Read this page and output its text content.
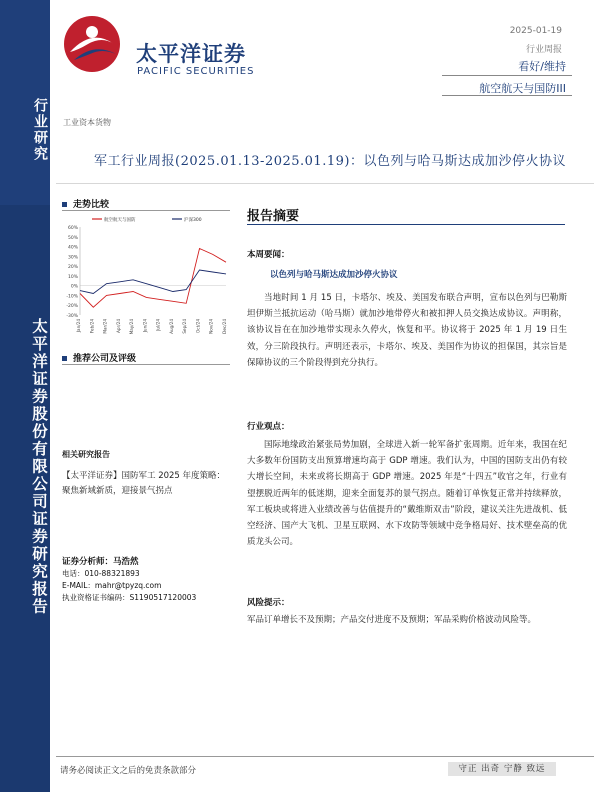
行业研究
太平洋证券股份有限公司证券研究报告
太平洋证券
PACIFIC SECURITIES
2025-01-19
行业周报
看好/维持
航空航天与国防III
工业资本货物
军工行业周报(2025.01.13-2025.01.19)：以色列与哈马斯达成加沙停火协议
走势比较
60%
50%
40%
30%
20%
10%
0%
-10%
-20%
-30%
Jan/24 Feb/24 Mar/24 Apr/24 May/24 Jun/24 Jul/24 Aug/24 Sep/24 Oct/24 Nov/24 Dec/24
航空航天与国防	沪深300
推荐公司及评级
相关研究报告
【太平洋证券】国防军工 2025 年度策略：聚焦新域新质，迎接景气拐点
证券分析师：马浩然
电话：010-88321893
E-MAIL：mahr@tpyzq.com
执业资格证书编码：S1190517120003
报告摘要
本周要闻：
以色列与哈马斯达成加沙停火协议
当地时间 1 月 15 日，卡塔尔、埃及、美国发布联合声明，宣布以色列与巴勒斯坦伊斯兰抵抗运动（哈马斯）就加沙地带停火和被扣押人员交换达成协议。声明称，该协议旨在在加沙地带实现永久停火，恢复和平。协议将于 2025 年 1 月 19 日生效，分三阶段执行。声明还表示，卡塔尔、埃及、美国作为协议的担保国，其宗旨是保障协议的三个阶段得到充分执行。
行业观点：
国际地缘政治紧张局势加剧，全球进入新一轮军备扩张周期。近年来，我国在纪大多数年份国防支出预算增速均高于 GDP 增速。我们认为，中国的国防支出仍有较大增长空间，未来或将长期高于 GDP 增速。2025 年是“十四五”收官之年，行业有望摆脱近两年的低迷期，迎来全面复苏的景气拐点。随着订单恢复正常并持续释放，军工板块或将进入业绩改善与估值提升的“戴维斯双击”阶段，建议关注先进战机、低空经济、国产大飞机、卫星互联网、水下攻防等领域中竞争格局好、技术壁垒高的优质龙头公司。
风险提示：
军品订单增长不及预期；产品交付进度不及预期；军品采购价格波动风险等。
请务必阅读正文之后的免责条款部分	守正 出奇 宁静 致远
